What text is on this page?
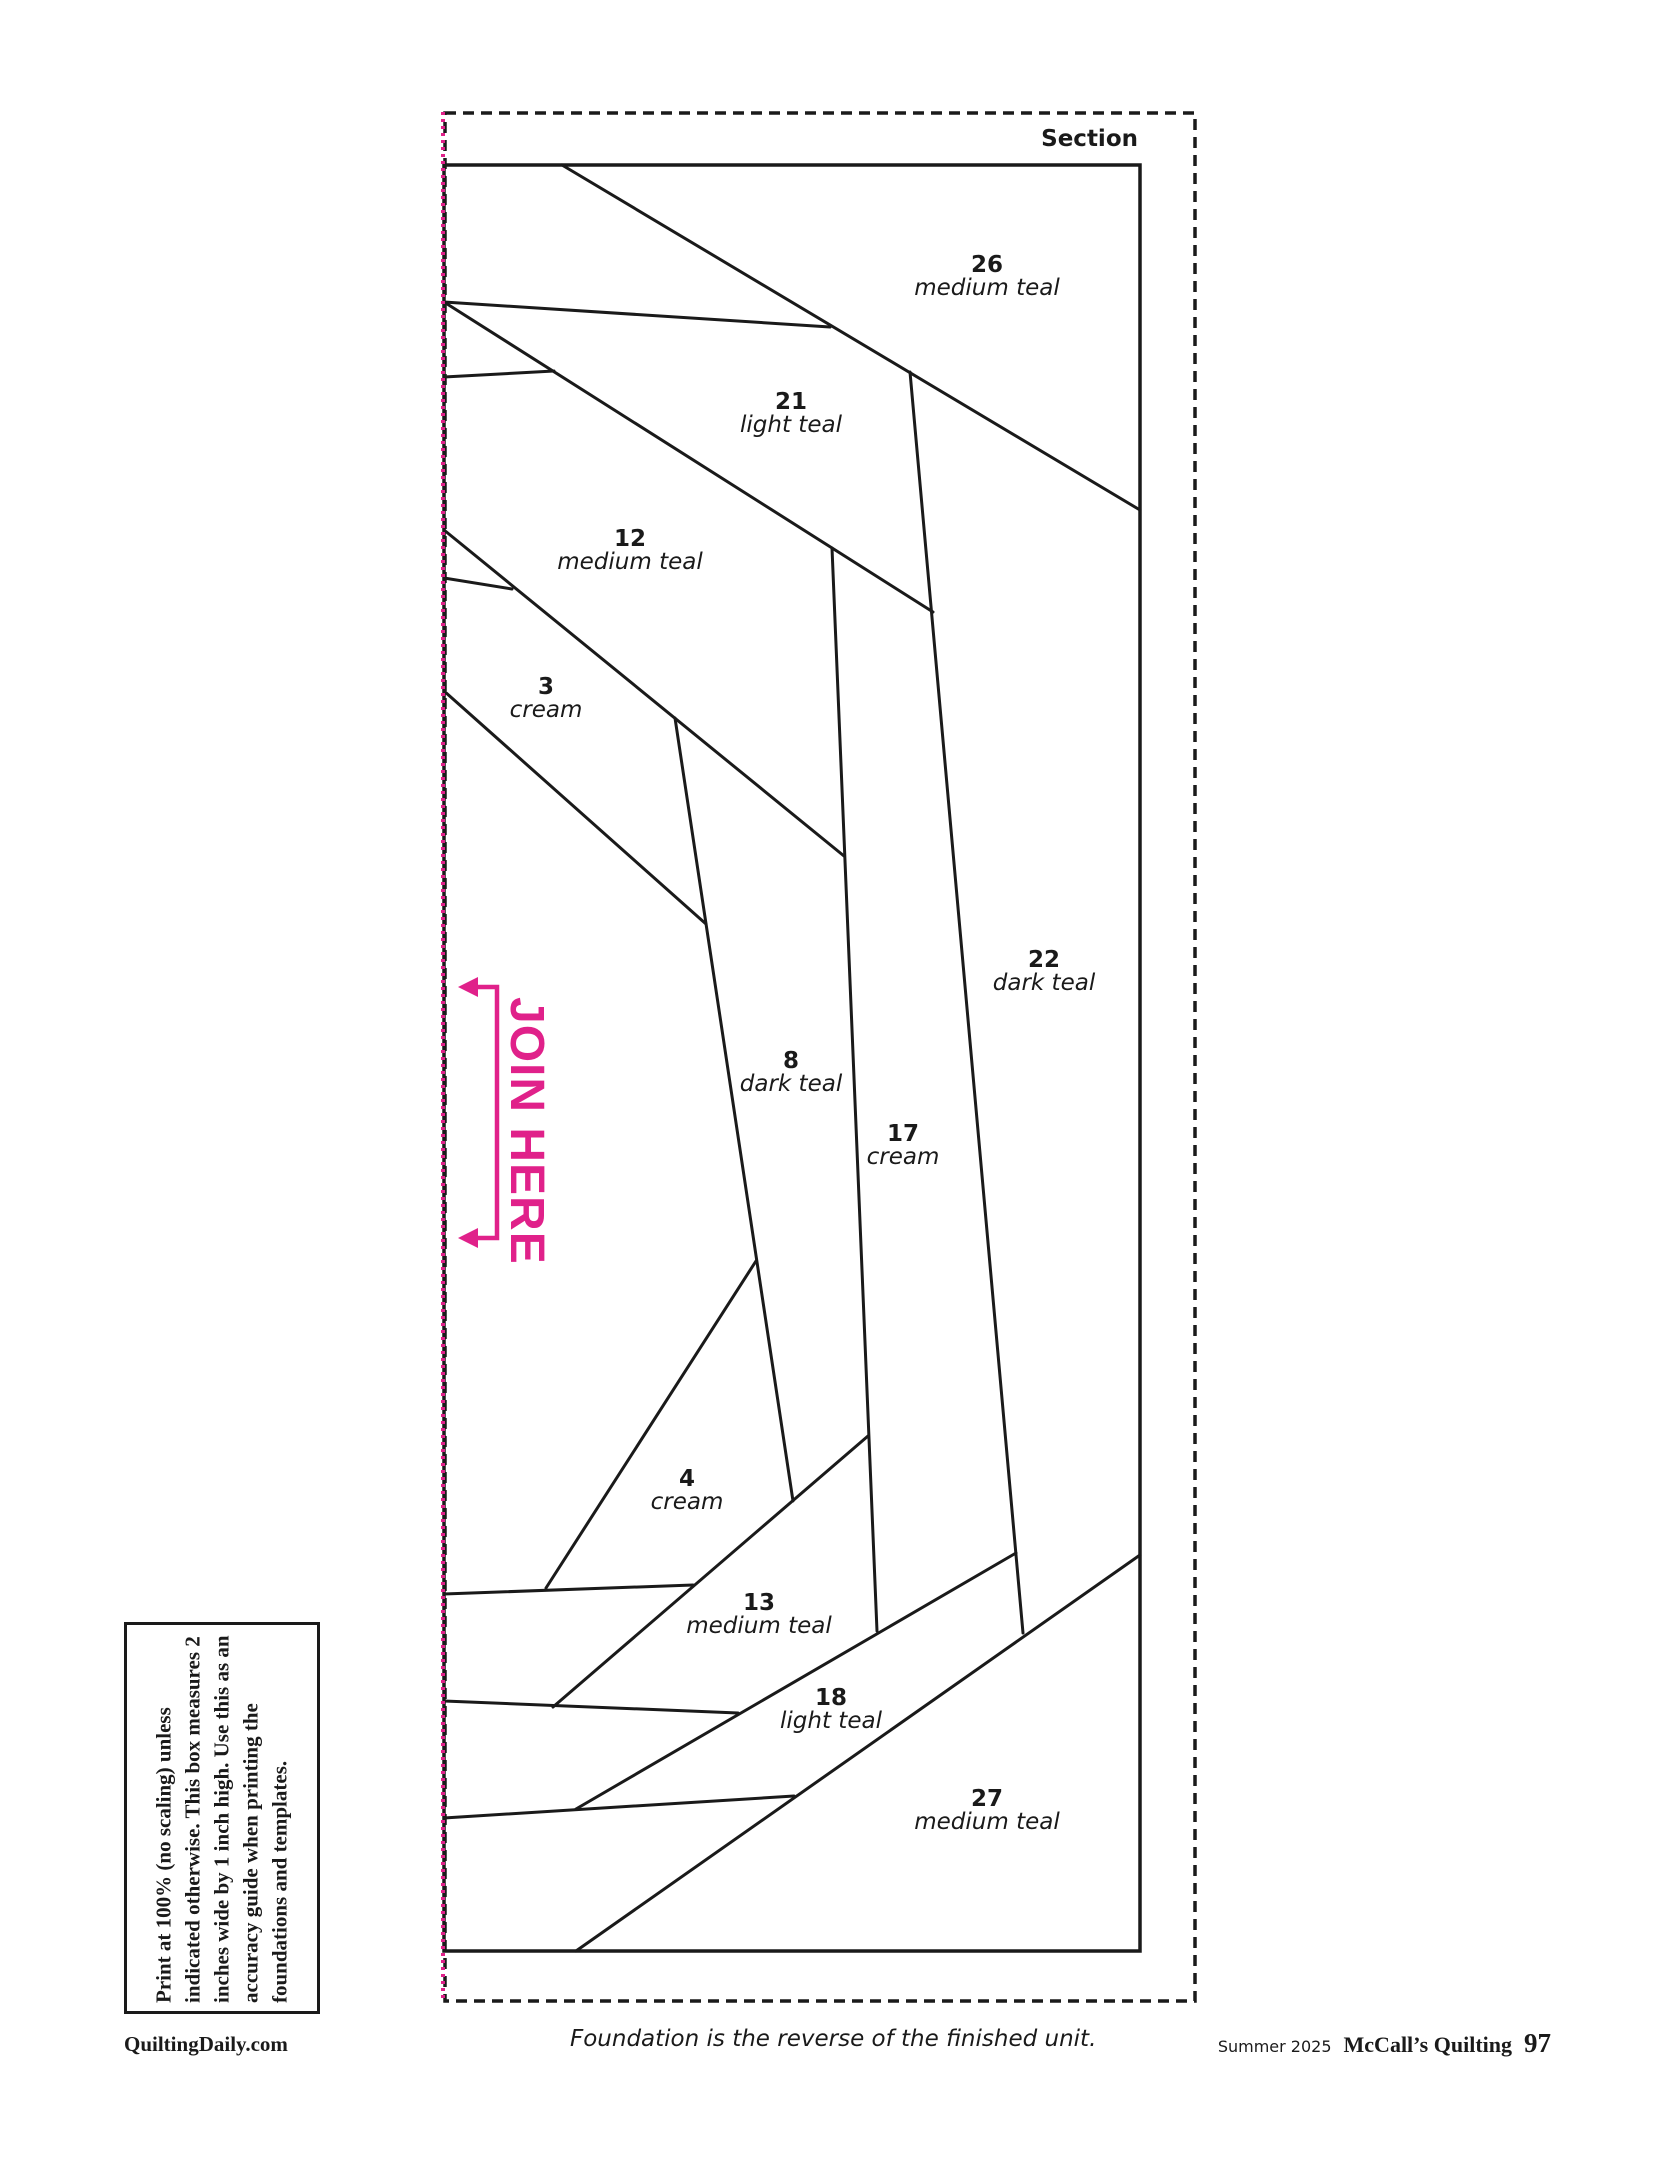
Section
26
medium teal
21
light teal
12
medium teal
3
cream
22
dark teal
8
dark teal
17
cream
4
cream
13
medium teal
18
light teal
27
medium teal
JOIN HERE
Print at 100% (no scaling) unless indicated otherwise. This box measures 2 inches wide by 1 inch high. Use this as an accuracy guide when printing the foundations and templates.
QuiltingDaily.com	Foundation is the reverse of the finished unit.	Summer 2025 McCall’s Quilting 97
